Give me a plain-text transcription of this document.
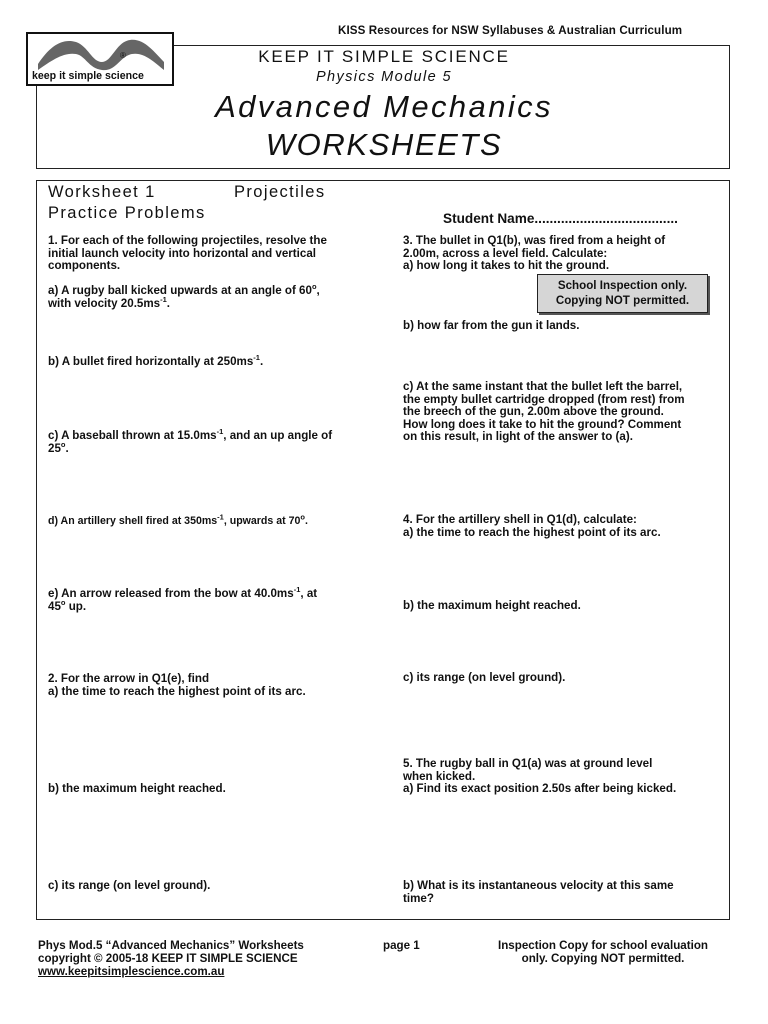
KISS Resources for NSW Syllabuses & Australian Curriculum
®
keep it simple science
KEEP IT SIMPLE SCIENCE
Physics Module 5
Advanced Mechanics
WORKSHEETS
Worksheet 1	Projectiles
Practice Problems	Student Name......................................
School Inspection only.
Copying NOT permitted.
1. For each of the following projectiles, resolve the
initial launch velocity into horizontal and vertical
components.
a) A rugby ball kicked upwards at an angle of 60$^o$,
with velocity $20.5ms^{-1}$.
b) A bullet fired horizontally at $250ms^{-1}$.
c) A baseball thrown at $15.0ms^{-1}$, and an up angle of
25$^o$.
d) An artillery shell fired at $350ms^{-1}$, upwards at 70$^o$.
e) An arrow released from the bow at $40.0ms^{-1}$, at
45$^o$ up.
2. For the arrow in Q1(e), find
a) the time to reach the highest point of its arc.
b) the maximum height reached.
c) its range (on level ground).
3. The bullet in Q1(b), was fired from a height of
2.00m, across a level field. Calculate:
a) how long it takes to hit the ground.
b) how far from the gun it lands.
c) At the same instant that the bullet left the barrel,
the empty bullet cartridge dropped (from rest) from
the breech of the gun, 2.00m above the ground.
How long does it take to hit the ground? Comment
on this result, in light of the answer to (a).
4. For the artillery shell in Q1(d), calculate:
a) the time to reach the highest point of its arc.
b) the maximum height reached.
c) its range (on level ground).
5. The rugby ball in Q1(a) was at ground level
when kicked.
a) Find its exact position 2.50s after being kicked.
b) What is its instantaneous velocity at this same
time?
Phys Mod.5 “Advanced Mechanics” Worksheets
copyright © 2005-18 KEEP IT SIMPLE SCIENCE
www.keepitsimplescience.com.au
page 1	Inspection Copy for school evaluation
only. Copying NOT permitted.
